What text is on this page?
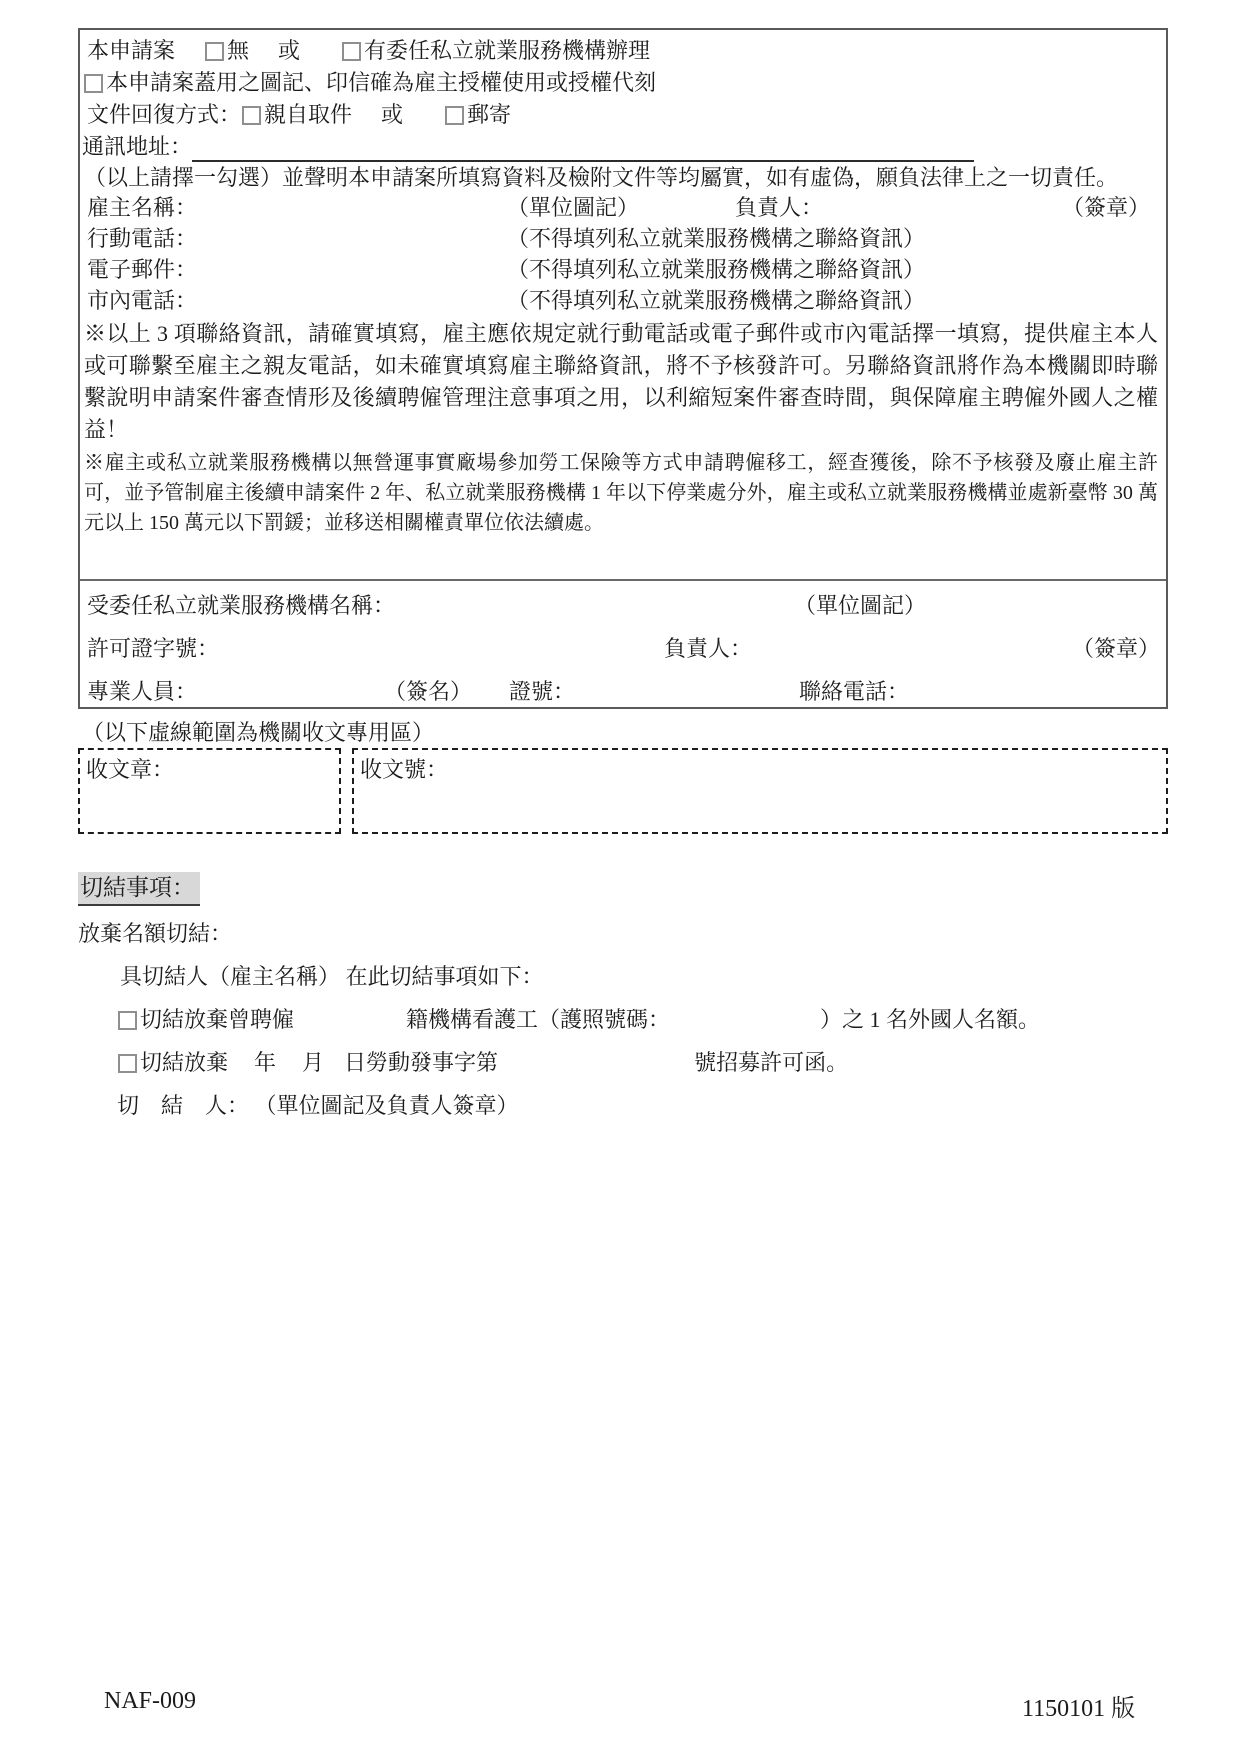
本申請案 無 或	有委任私立就業服務機構辦理
本申請案蓋用之圖記、印信確為雇主授權使用或授權代刻
文件回復方式： 親自取件 或	郵寄
通訊地址：
（以上請擇一勾選）並聲明本申請案所填寫資料及檢附文件等均屬實，如有虛偽，願負法律上之一切責任。
雇主名稱：	（單位圖記）	負責人：	（簽章）
行動電話：	（不得填列私立就業服務機構之聯絡資訊）
電子郵件：	（不得填列私立就業服務機構之聯絡資訊）
市內電話：	（不得填列私立就業服務機構之聯絡資訊）
※以上 3 項聯絡資訊，請確實填寫，雇主應依規定就行動電話或電子郵件或市內電話擇一填寫，提供雇主本人或可聯繫至雇主之親友電話，如未確實填寫雇主聯絡資訊，將不予核發許可。另聯絡資訊將作為本機關即時聯繫說明申請案件審查情形及後續聘僱管理注意事項之用，以利縮短案件審查時間，與保障雇主聘僱外國人之權益！
※雇主或私立就業服務機構以無營運事實廠場參加勞工保險等方式申請聘僱移工，經查獲後，除不予核發及廢止雇主許可，並予管制雇主後續申請案件 2 年、私立就業服務機構 1 年以下停業處分外，雇主或私立就業服務機構並處新臺幣 30 萬元以上 150 萬元以下罰鍰；並移送相關權責單位依法續處。
受委任私立就業服務機構名稱：	（單位圖記）
許可證字號：	負責人：	（簽章）
專業人員：	（簽名） 證號：	聯絡電話：
（以下虛線範圍為機關收文專用區）
收文章：	收文號：
切結事項：
放棄名額切結：
具切結人（雇主名稱） 在此切結事項如下：
切結放棄曾聘僱	籍機構看護工（護照號碼：	）之 1 名外國人名額。
切結放棄 年 月 日勞動發事字第	號招募許可函。
切　結　人： （單位圖記及負責人簽章）
NAF-009	1150101 版
